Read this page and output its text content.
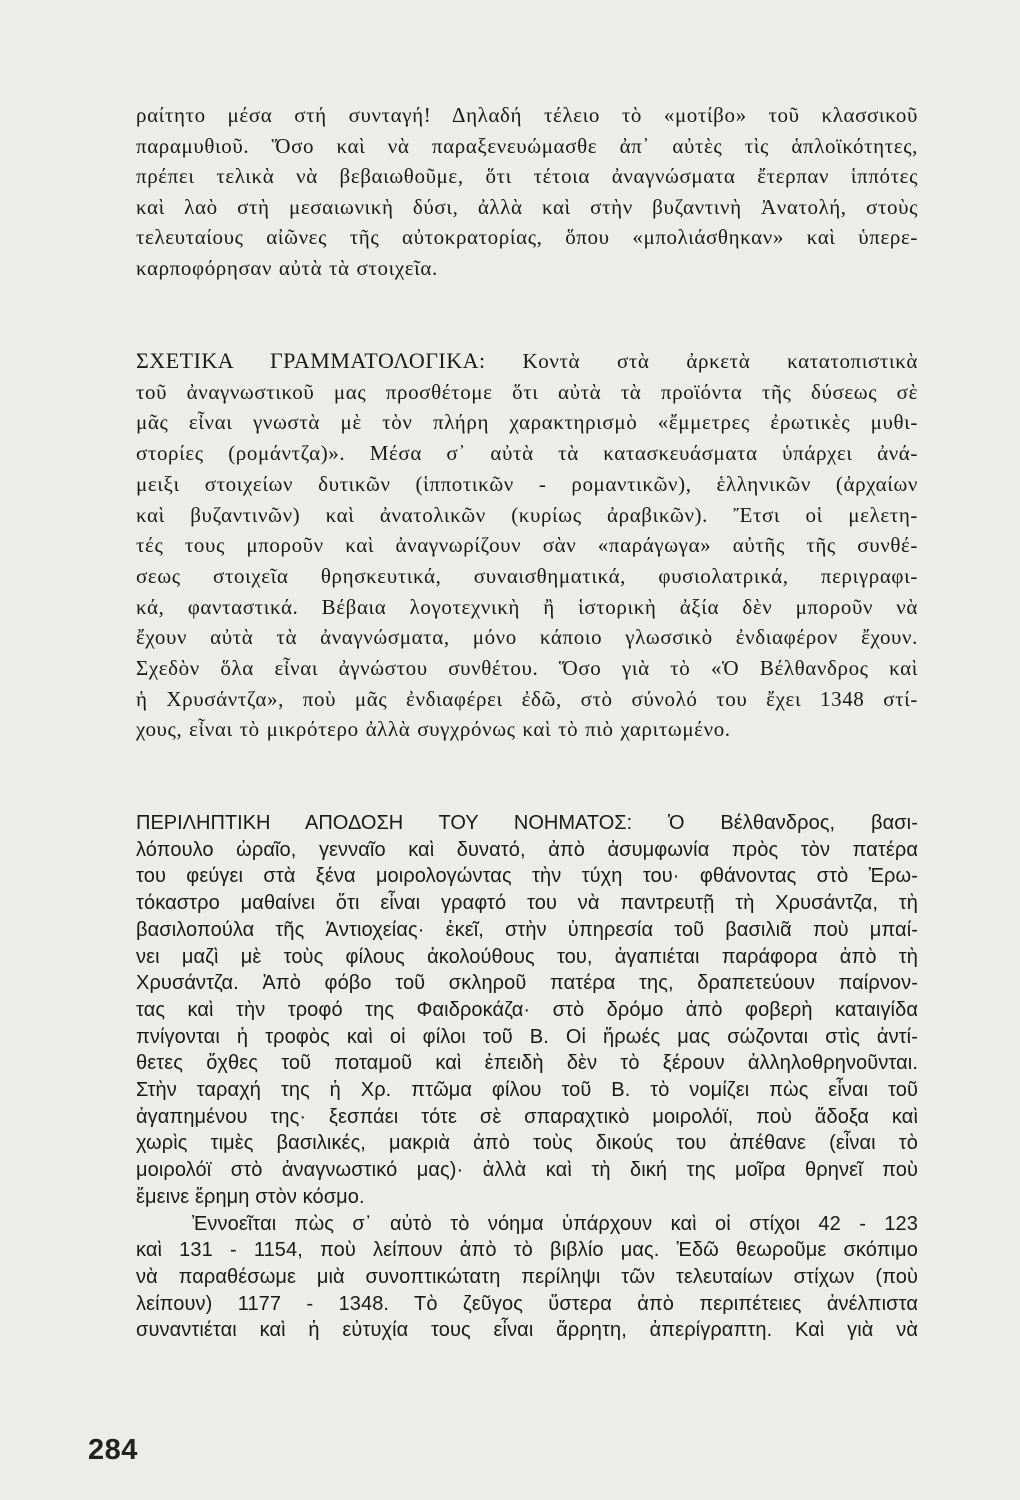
ραίτητο μέσα στή συνταγή! Δηλαδή τέλειο τὸ «μοτίβο» τοῦ κλασσικοῦ
παραμυθιοῦ. Ὅσο καὶ νὰ παραξενευώμασθε ἀπ᾿ αὐτὲς τὶς ἁπλοϊκότητες,
πρέπει τελικὰ νὰ βεβαιωθοῦμε, ὅτι τέτοια ἀναγνώσματα ἔτερπαν ἱππότες
καὶ λαὸ στὴ μεσαιωνικὴ δύσι, ἀλλὰ καὶ στὴν βυζαντινὴ Ἀνατολή, στοὺς
τελευταίους αἰῶνες τῆς αὐτοκρατορίας, ὅπου «μπολιάσθηκαν» καὶ ὑπερε-
καρποφόρησαν αὐτὰ τὰ στοιχεῖα.
ΣΧΕΤΙΚΑ ΓΡΑΜΜΑΤΟΛΟΓΙΚΑ: Κοντὰ στὰ ἀρκετὰ κατατοπιστικὰ
τοῦ ἀναγνωστικοῦ μας προσθέτομε ὅτι αὐτὰ τὰ προϊόντα τῆς δύσεως σὲ
μᾶς εἶναι γνωστὰ μὲ τὸν πλήρη χαρακτηρισμὸ «ἔμμετρες ἐρωτικὲς μυθι-
στορίες (ρομάντζα)». Μέσα σ᾿ αὐτὰ τὰ κατασκευάσματα ὑπάρχει ἀνά-
μειξι στοιχείων δυτικῶν (ἱπποτικῶν - ρομαντικῶν), ἑλληνικῶν (ἀρχαίων
καὶ βυζαντινῶν) καὶ ἀνατολικῶν (κυρίως ἀραβικῶν). Ἔτσι οἱ μελετη-
τές τους μποροῦν καὶ ἀναγνωρίζουν σὰν «παράγωγα» αὐτῆς τῆς συνθέ-
σεως στοιχεῖα θρησκευτικά, συναισθηματικά, φυσιολατρικά, περιγραφι-
κά, φανταστικά. Βέβαια λογοτεχνικὴ ἢ ἱστορικὴ ἀξία δὲν μποροῦν νὰ
ἔχουν αὐτὰ τὰ ἀναγνώσματα, μόνο κάποιο γλωσσικὸ ἐνδιαφέρον ἔχουν.
Σχεδὸν ὅλα εἶναι ἀγνώστου συνθέτου. Ὅσο γιὰ τὸ «Ὁ Βέλθανδρος καὶ
ἡ Χρυσάντζα», ποὺ μᾶς ἐνδιαφέρει ἐδῶ, στὸ σύνολό του ἔχει 1348 στί-
χους, εἶναι τὸ μικρότερο ἀλλὰ συγχρόνως καὶ τὸ πιὸ χαριτωμένο.
ΠΕΡΙΛΗΠΤΙΚΗ ΑΠΟΔΟΣΗ ΤΟΥ ΝΟΗΜΑΤΟΣ: Ὁ Βέλθανδρος, βασι-
λόπουλο ὡραῖο, γενναῖο καὶ δυνατό, ἀπὸ ἀσυμφωνία πρὸς τὸν πατέρα
του φεύγει στὰ ξένα μοιρολογώντας τὴν τύχη του· φθάνοντας στὸ Ἐρω-
τόκαστρο μαθαίνει ὅτι εἶναι γραφτό του νὰ παντρευτῇ τὴ Χρυσάντζα, τὴ
βασιλοπούλα τῆς Ἀντιοχείας· ἐκεῖ, στὴν ὑπηρεσία τοῦ βασιλιᾶ ποὺ μπαί-
νει μαζὶ μὲ τοὺς φίλους ἀκολούθους του, ἀγαπιέται παράφορα ἀπὸ τὴ
Χρυσάντζα. Ἀπὸ φόβο τοῦ σκληροῦ πατέρα της, δραπετεύουν παίρνον-
τας καὶ τὴν τροφό της Φαιδροκάζα· στὸ δρόμο ἀπὸ φοβερὴ καταιγίδα
πνίγονται ἡ τροφὸς καὶ οἱ φίλοι τοῦ Β. Οἱ ἥρωές μας σώζονται στὶς ἀντί-
θετες ὄχθες τοῦ ποταμοῦ καὶ ἐπειδὴ δὲν τὸ ξέρουν ἀλληλοθρηνοῦνται.
Στὴν ταραχή της ἡ Χρ. πτῶμα φίλου τοῦ Β. τὸ νομίζει πὼς εἶναι τοῦ
ἀγαπημένου της· ξεσπάει τότε σὲ σπαραχτικὸ μοιρολόϊ, ποὺ ἄδοξα καὶ
χωρὶς τιμὲς βασιλικές, μακριὰ ἀπὸ τοὺς δικούς του ἀπέθανε (εἶναι τὸ
μοιρολόϊ στὸ ἀναγνωστικό μας)· ἀλλὰ καὶ τὴ δική της μοῖρα θρηνεῖ ποὺ
ἔμεινε ἔρημη στὸν κόσμο.
Ἐννοεῖται πὼς σ᾿ αὐτὸ τὸ νόημα ὑπάρχουν καὶ οἱ στίχοι 42 - 123
καὶ 131 - 1154, ποὺ λείπουν ἀπὸ τὸ βιβλίο μας. Ἐδῶ θεωροῦμε σκόπιμο
νὰ παραθέσωμε μιὰ συνοπτικώτατη περίληψι τῶν τελευταίων στίχων (ποὺ
λείπουν) 1177 - 1348. Τὸ ζεῦγος ὕστερα ἀπὸ περιπέτειες ἀνέλπιστα
συναντιέται καὶ ἡ εὐτυχία τους εἶναι ἄρρητη, ἀπερίγραπτη. Καὶ γιὰ νὰ
284
